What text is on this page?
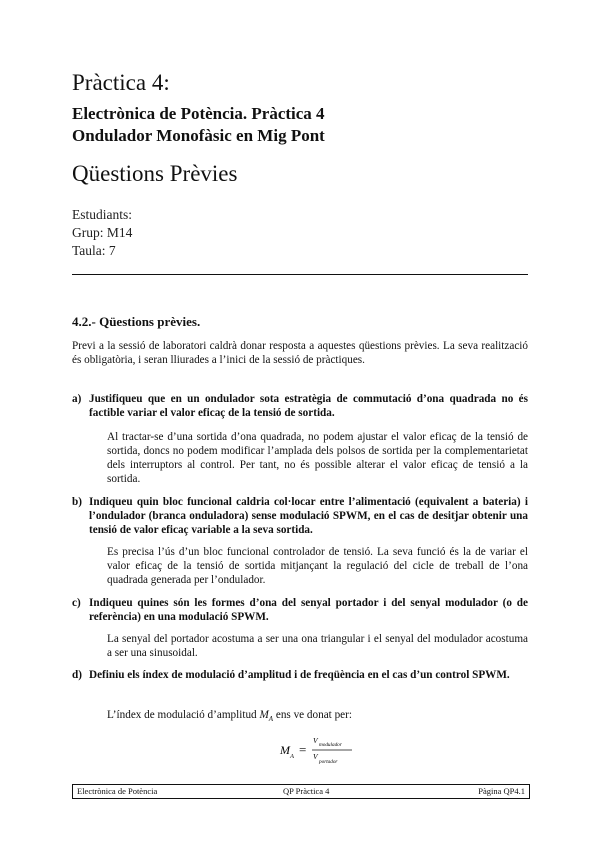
Pràctica 4:
Electrònica de Potència. Pràctica 4
Ondulador Monofàsic en Mig Pont
Qüestions Prèvies
Estudiants:
Grup: M14
Taula: 7
4.2.- Qüestions prèvies.
Previ a la sessió de laboratori caldrà donar resposta a aquestes qüestions prèvies. La seva realització és obligatòria, i seran lliurades a l’inici de la sessió de pràctiques.
a) Justifiqueu que en un ondulador sota estratègia de commutació d’ona quadrada no és factible variar el valor eficaç de la tensió de sortida.
Al tractar-se d’una sortida d’ona quadrada, no podem ajustar el valor eficaç de la tensió de sortida, doncs no podem modificar l’amplada dels polsos de sortida per la complementarietat dels interruptors al control. Per tant, no és possible alterar el valor eficaç de tensió a la sortida.
b) Indiqueu quin bloc funcional caldria col·locar entre l’alimentació (equivalent a bateria) i l’ondulador (branca onduladora) sense modulació SPWM, en el cas de desitjar obtenir una tensió de valor eficaç variable a la seva sortida.
Es precisa l’ús d’un bloc funcional controlador de tensió. La seva funció és la de variar el valor eficaç de la tensió de sortida mitjançant la regulació del cicle de treball de l’ona quadrada generada per l’ondulador.
c) Indiqueu quines són les formes d’ona del senyal portador i del senyal modulador (o de referència) en una modulació SPWM.
La senyal del portador acostuma a ser una ona triangular i el senyal del modulador acostuma a ser una sinusoidal.
d) Definiu els índex de modulació d’amplitud i de freqüència en el cas d’un control SPWM.
L’índex de modulació d’amplitud $M_A$ ens ve donat per:
M A =
V modulador
V
portador
Electrònica de Potència	QP Pràctica 4	Pàgina QP4.1
